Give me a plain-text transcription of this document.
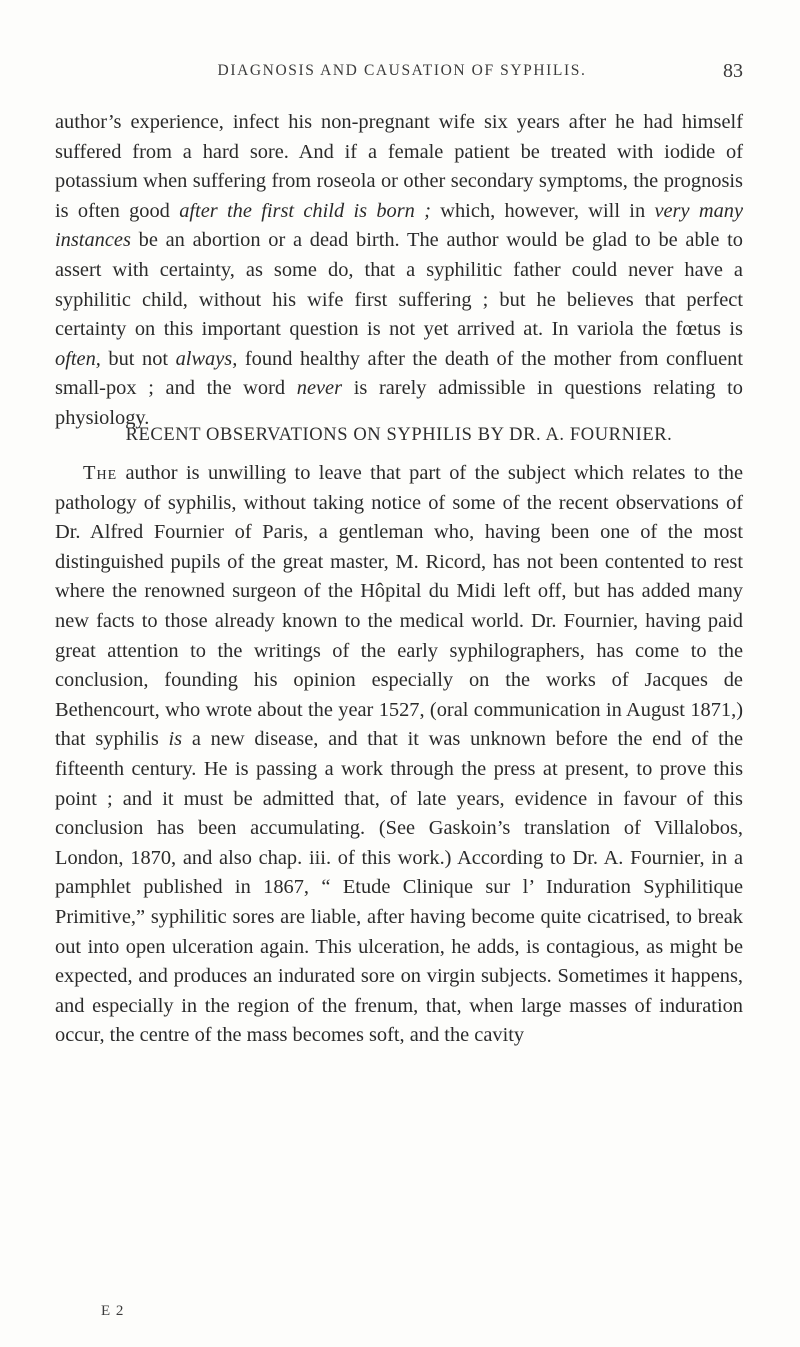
DIAGNOSIS AND CAUSATION OF SYPHILIS.	83

author’s experience, infect his non-pregnant wife six years after he had himself suffered from a hard sore. And if a female patient be treated with iodide of potassium when suffering from roseola or other secondary symptoms, the prognosis is often good after the first child is born ; which, however, will in very many instances be an abortion or a dead birth. The author would be glad to be able to assert with certainty, as some do, that a syphilitic father could never have a syphilitic child, without his wife first suffering ; but he believes that perfect certainty on this important question is not yet arrived at. In variola the fœtus is often, but not always, found healthy after the death of the mother from confluent small-pox ; and the word never is rarely admissible in questions relating to physiology.

RECENT OBSERVATIONS ON SYPHILIS BY DR. A. FOURNIER.

The author is unwilling to leave that part of the subject which relates to the pathology of syphilis, without taking notice of some of the recent observations of Dr. Alfred Fournier of Paris, a gentleman who, having been one of the most distinguished pupils of the great master, M. Ricord, has not been contented to rest where the renowned surgeon of the Hôpital du Midi left off, but has added many new facts to those already known to the medical world. Dr. Fournier, having paid great attention to the writings of the early syphilographers, has come to the conclusion, founding his opinion especially on the works of Jacques de Bethencourt, who wrote about the year 1527, (oral communication in August 1871,) that syphilis is a new disease, and that it was unknown before the end of the fifteenth century. He is passing a work through the press at present, to prove this point ; and it must be admitted that, of late years, evidence in favour of this conclusion has been accumulating. (See Gaskoin’s translation of Villalobos, London, 1870, and also chap. iii. of this work.) According to Dr. A. Fournier, in a pamphlet published in 1867, “ Etude Clinique sur l’ Induration Syphilitique Primitive,” syphilitic sores are liable, after having become quite cicatrised, to break out into open ulceration again. This ulceration, he adds, is contagious, as might be expected, and produces an indurated sore on virgin subjects. Sometimes it happens, and especially in the region of the frenum, that, when large masses of induration occur, the centre of the mass becomes soft, and the cavity

E 2
